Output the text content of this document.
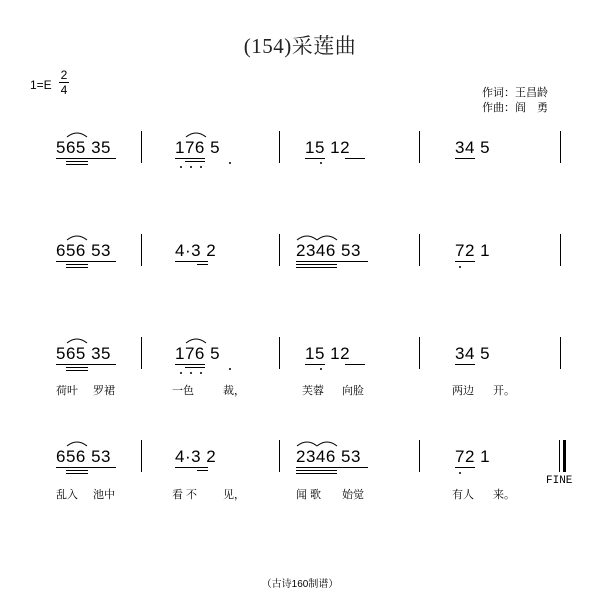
(154)采莲曲
1=E
2
4	作词：王昌龄
作曲：阎　勇
565 35	176 5	15 12	34 5
656 53	4·3 2	2346 53	72 1
565 35	176 5	15 12	34 5
荷叶 罗裙	一色	裁，	芙蓉 向脸	两边 开。
656 53	4·3 2	2346 53	72 1
乱入 池中	看 不 见，	闻 歌 始觉	有人 来。
FINE
（古诗160制谱）
